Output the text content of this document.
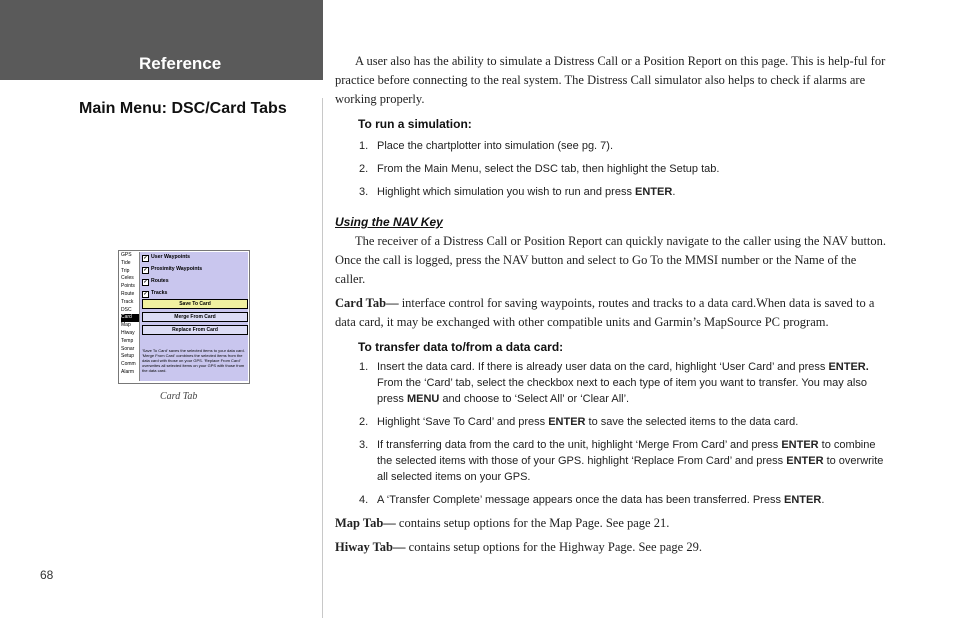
Reference
Main Menu: DSC/Card Tabs
GPS
Tide
Trip
Celes
Points
Route
Track
DSC
Card
Map
Hiway
Temp
Sonar
Setup
Comm
Alarm
✓ User Waypoints
✓ Proximity Waypoints
✓ Routes
✓ Tracks
Save To Card
Merge From Card
Replace From Card
'Save To Card' saves the selected items to your data card. 'Merge From Card' combines the selected items from the data card with those on your GPS. 'Replace From Card' overwrites all selected items on your GPS with those from the data card.
Card Tab
68

A user also has the ability to simulate a Distress Call or a Position Report on this page. This is help-ful for practice before connecting to the real system. The Distress Call simulator also helps to check if alarms are working properly.

To run a simulation:
1. Place the chartplotter into simulation (see pg. 7).
2. From the Main Menu, select the DSC tab, then highlight the Setup tab.
3. Highlight which simulation you wish to run and press ENTER.
Using the NAV Key

The receiver of a Distress Call or Position Report can quickly navigate to the caller using the NAV button. Once the call is logged, press the NAV button and select to Go To the MMSI number or the Name of the caller.

Card Tab— interface control for saving waypoints, routes and tracks to a data card.When data is saved to a data card, it may be exchanged with other compatible units and Garmin’s MapSource PC program.

To transfer data to/from a data card:
1. Insert the data card. If there is already user data on the card, highlight ‘User Card’ and press ENTER. From the ‘Card’ tab, select the checkbox next to each type of item you want to transfer. You may also press MENU and choose to ‘Select All’ or ‘Clear All’.
2. Highlight ‘Save To Card’ and press ENTER to save the selected items to the data card.
3. If transferring data from the card to the unit, highlight ‘Merge From Card’ and press ENTER to combine the selected items with those of your GPS. highlight ‘Replace From Card’ and press ENTER to overwrite all selected items on your GPS.
4. A ‘Transfer Complete’ message appears once the data has been transferred. Press ENTER.

Map Tab— contains setup options for the Map Page. See page 21.

Hiway Tab— contains setup options for the Highway Page. See page 29.
